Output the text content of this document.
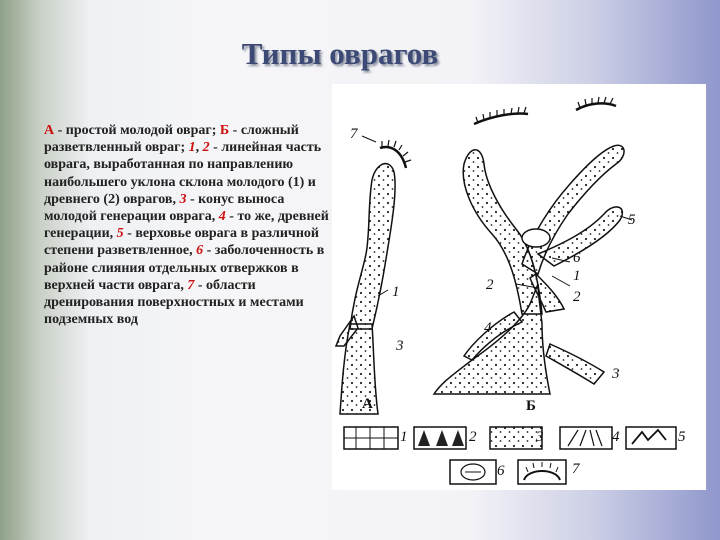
Типы оврагов
А - простой молодой овраг; Б - сложный разветвленный овраг; 1, 2 - линейная часть оврага, выработанная по направлению наибольшего уклона склона молодого (1) и древнего (2) оврагов, 3 - конус выноса молодой генерации оврага, 4 - то же, древней генерации, 5 - верховье оврага в различной степени разветвленное, 6 - заболоченность в районе слияния отдельных отвержков в верхней части оврага, 7 - области дренирования поверхностных и местами подземных вод
7
5
6
1
2
2
1
4
3
3
А	Б
1	2	3	4	5
6	7
